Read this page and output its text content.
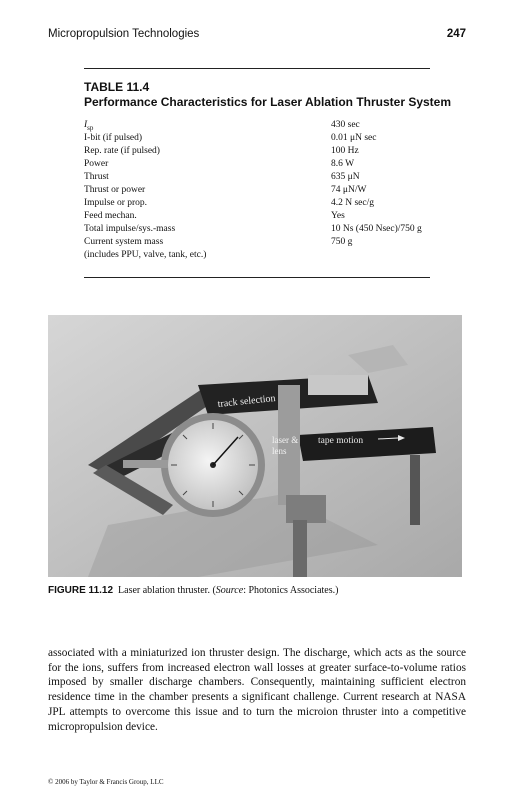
Micropropulsion Technologies	247
TABLE 11.4
Performance Characteristics for Laser Ablation Thruster System
$I_{sp}$	430 sec
I-bit (if pulsed)	0.01 μN sec
Rep. rate (if pulsed)	100 Hz
Power	8.6 W
Thrust	635 μN
Thrust or power	74 μN/W
Impulse or prop.	4.2 N sec/g
Feed mechan.	Yes
Total impulse/sys.-mass	10 Ns (450 Nsec)/750 g
Current system mass	750 g
(includes PPU, valve, tank, etc.)
track selection
laser &
lens
tape motion
FIGURE 11.12 Laser ablation thruster. (Source: Photonics Associates.)
associated with a miniaturized ion thruster design. The discharge, which acts as the source for the ions, suffers from increased electron wall losses at greater surface-to-volume ratios imposed by smaller discharge chambers. Consequently, maintaining sufficient electron residence time in the chamber presents a significant challenge. Current research at NASA JPL attempts to overcome this issue and to turn the microion thruster into a competitive micropropulsion device.
© 2006 by Taylor & Francis Group, LLC
